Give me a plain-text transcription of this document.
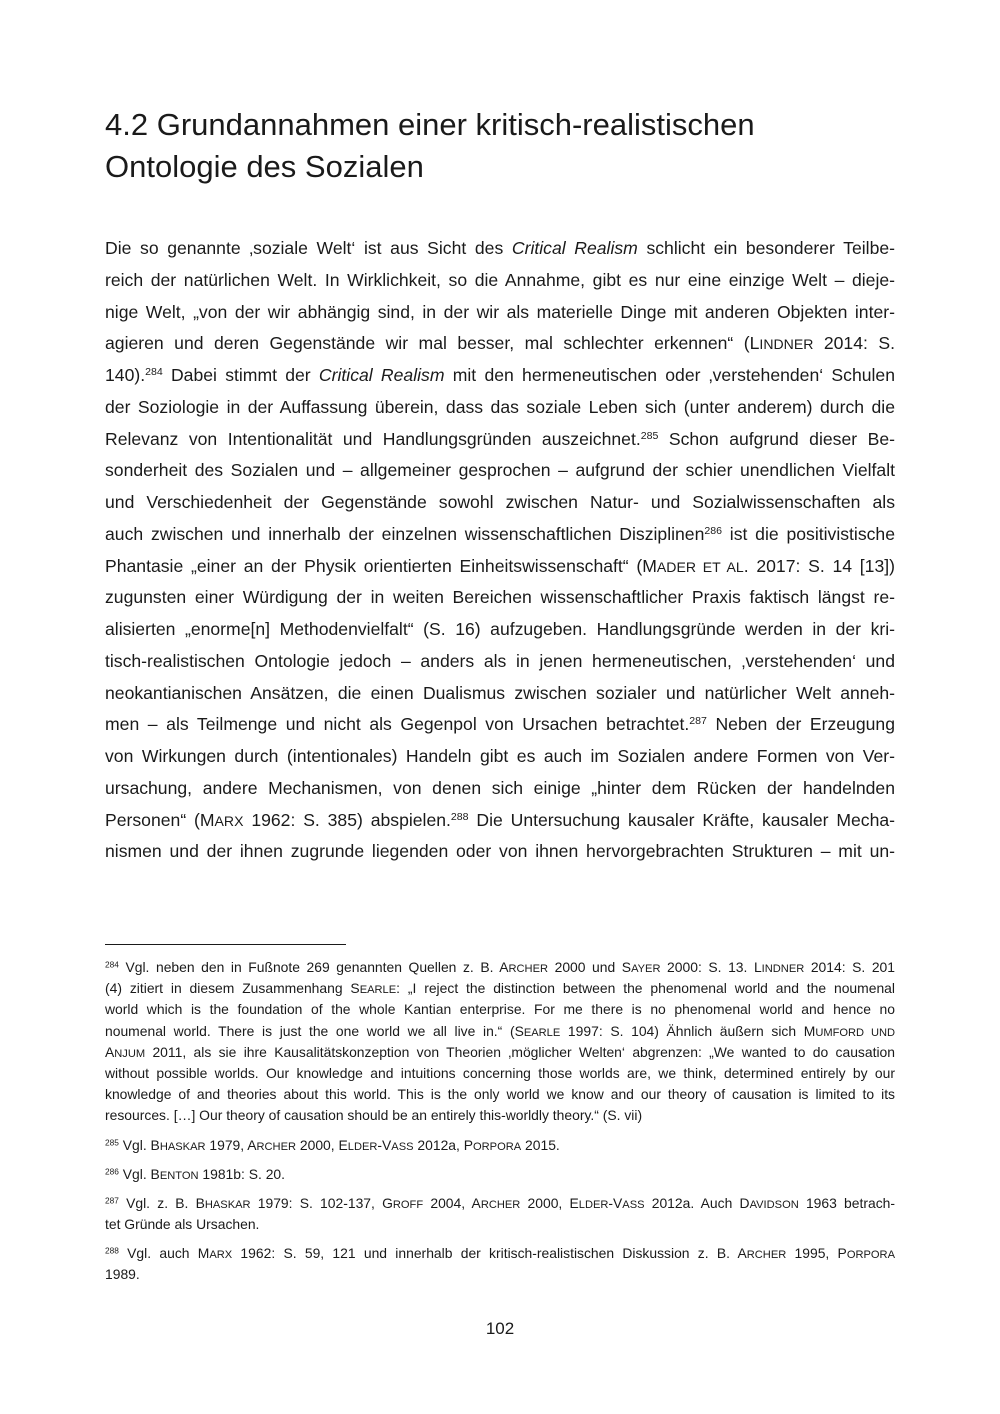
4.2 Grundannahmen einer kritisch-realistischen
Ontologie des Sozialen
Die so genannte ‚soziale Welt‘ ist aus Sicht des Critical Realism schlicht ein besonderer Teilbe-
reich der natürlichen Welt. In Wirklichkeit, so die Annahme, gibt es nur eine einzige Welt – dieje-
nige Welt, „von der wir abhängig sind, in der wir als materielle Dinge mit anderen Objekten inter-
agieren und deren Gegenstände wir mal besser, mal schlechter erkennen“ (LINDNER 2014: S.
140).$^{284}$ Dabei stimmt der Critical Realism mit den hermeneutischen oder ‚verstehenden‘ Schulen
der Soziologie in der Auffassung überein, dass das soziale Leben sich (unter anderem) durch die
Relevanz von Intentionalität und Handlungsgründen auszeichnet.$^{285}$ Schon aufgrund dieser Be-
sonderheit des Sozialen und – allgemeiner gesprochen – aufgrund der schier unendlichen Vielfalt
und Verschiedenheit der Gegenstände sowohl zwischen Natur- und Sozialwissenschaften als
auch zwischen und innerhalb der einzelnen wissenschaftlichen Disziplinen$^{286}$ ist die positivistische
Phantasie „einer an der Physik orientierten Einheitswissenschaft“ (MADER ET AL. 2017: S. 14 [13])
zugunsten einer Würdigung der in weiten Bereichen wissenschaftlicher Praxis faktisch längst re-
alisierten „enorme[n] Methodenvielfalt“ (S. 16) aufzugeben. Handlungsgründe werden in der kri-
tisch-realistischen Ontologie jedoch – anders als in jenen hermeneutischen, ‚verstehenden‘ und
neokantianischen Ansätzen, die einen Dualismus zwischen sozialer und natürlicher Welt anneh-
men – als Teilmenge und nicht als Gegenpol von Ursachen betrachtet.$^{287}$ Neben der Erzeugung
von Wirkungen durch (intentionales) Handeln gibt es auch im Sozialen andere Formen von Ver-
ursachung, andere Mechanismen, von denen sich einige „hinter dem Rücken der handelnden
Personen“ (MARX 1962: S. 385) abspielen.$^{288}$ Die Untersuchung kausaler Kräfte, kausaler Mecha-
nismen und der ihnen zugrunde liegenden oder von ihnen hervorgebrachten Strukturen – mit un-
$^{284}$ Vgl. neben den in Fußnote 269 genannten Quellen z. B. ARCHER 2000 und SAYER 2000: S. 13. LINDNER 2014: S. 201
(4) zitiert in diesem Zusammenhang SEARLE: „I reject the distinction between the phenomenal world and the noumenal
world which is the foundation of the whole Kantian enterprise. For me there is no phenomenal world and hence no
noumenal world. There is just the one world we all live in.“ (SEARLE 1997: S. 104) Ähnlich äußern sich MUMFORD UND
ANJUM 2011, als sie ihre Kausalitätskonzeption von Theorien ‚möglicher Welten‘ abgrenzen: „We wanted to do causation
without possible worlds. Our knowledge and intuitions concerning those worlds are, we think, determined entirely by our
knowledge of and theories about this world. This is the only world we know and our theory of causation is limited to its
resources. […] Our theory of causation should be an entirely this-worldly theory.“ (S. vii)
$^{285}$ Vgl. BHASKAR 1979, ARCHER 2000, ELDER-VASS 2012a, PORPORA 2015.
$^{286}$ Vgl. BENTON 1981b: S. 20.
$^{287}$ Vgl. z. B. BHASKAR 1979: S. 102-137, GROFF 2004, ARCHER 2000, ELDER-VASS 2012a. Auch DAVIDSON 1963 betrach-
tet Gründe als Ursachen.
$^{288}$ Vgl. auch MARX 1962: S. 59, 121 und innerhalb der kritisch-realistischen Diskussion z. B. ARCHER 1995, PORPORA
1989.
102
